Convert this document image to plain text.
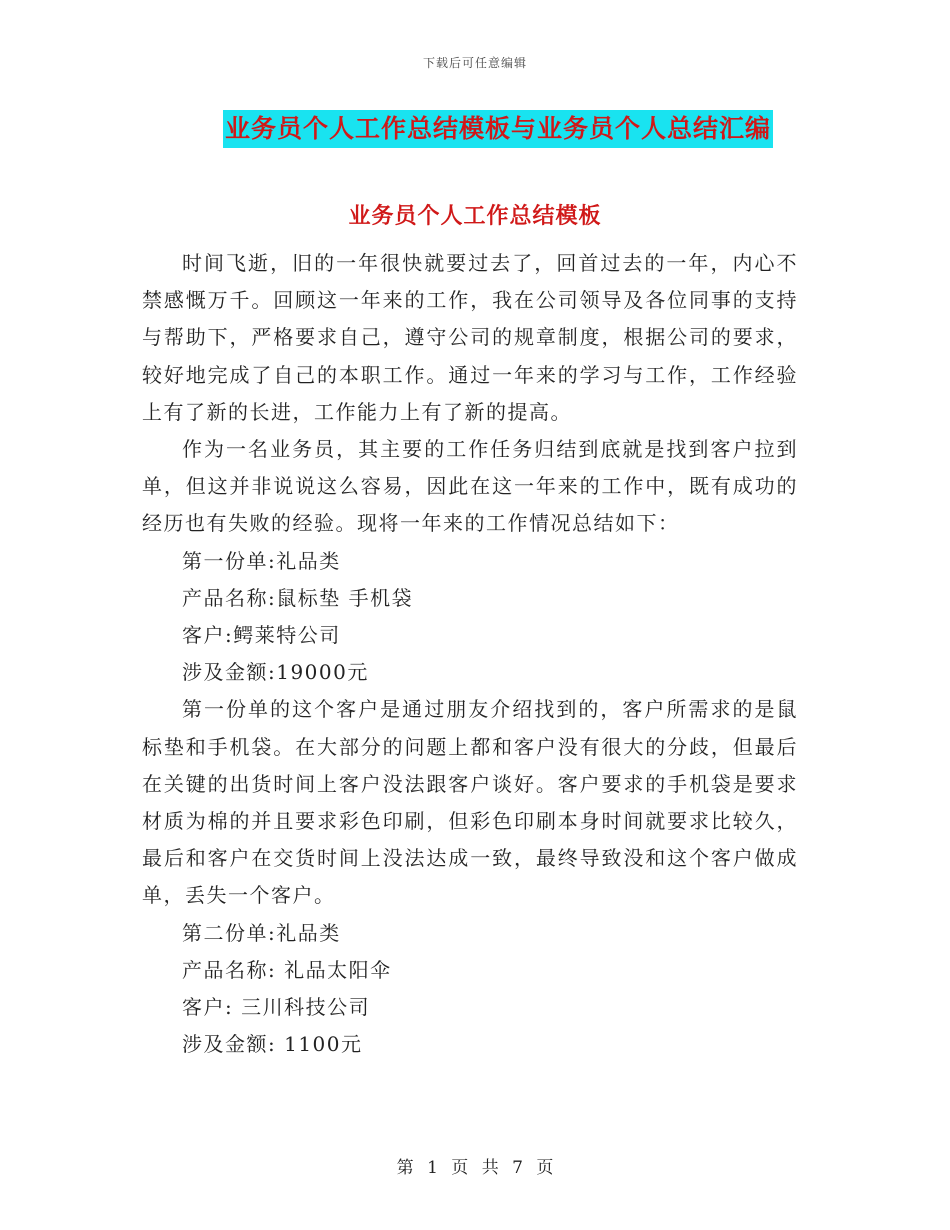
下载后可任意编辑
业务员个人工作总结模板与业务员个人总结汇编
业务员个人工作总结模板

时间飞逝，旧的一年很快就要过去了，回首过去的一年，内心不禁感慨万千。回顾这一年来的工作，我在公司领导及各位同事的支持与帮助下，严格要求自己，遵守公司的规章制度，根据公司的要求，较好地完成了自己的本职工作。通过一年来的学习与工作，工作经验上有了新的长进，工作能力上有了新的提高。

作为一名业务员，其主要的工作任务归结到底就是找到客户拉到单，但这并非说说这么容易，因此在这一年来的工作中，既有成功的经历也有失败的经验。现将一年来的工作情况总结如下：

第一份单:礼品类

产品名称:鼠标垫 手机袋

客户:鳄莱特公司

涉及金额:19000元

第一份单的这个客户是通过朋友介绍找到的，客户所需求的是鼠标垫和手机袋。在大部分的问题上都和客户没有很大的分歧，但最后在关键的出货时间上客户没法跟客户谈好。客户要求的手机袋是要求材质为棉的并且要求彩色印刷，但彩色印刷本身时间就要求比较久，最后和客户在交货时间上没法达成一致，最终导致没和这个客户做成单，丢失一个客户。

第二份单:礼品类

产品名称: 礼品太阳伞

客户: 三川科技公司

涉及金额: 1100元

第 1 页 共 7 页
